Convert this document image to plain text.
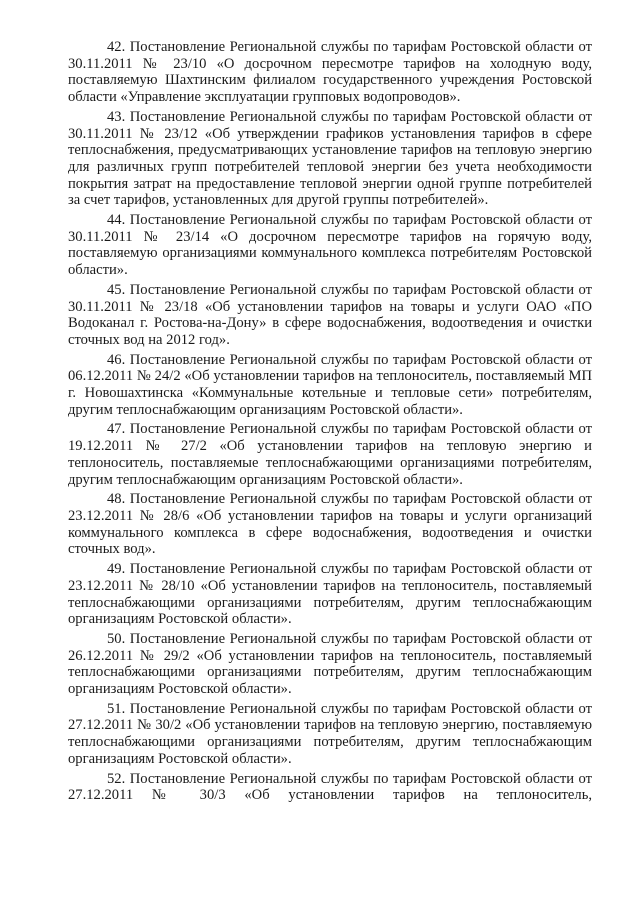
42. Постановление Региональной службы по тарифам Ростовской области от 30.11.2011 № 23/10 «О досрочном пересмотре тарифов на холодную воду, поставляемую Шахтинским филиалом государственного учреждения Ростовской области «Управление эксплуатации групповых водопроводов».

43. Постановление Региональной службы по тарифам Ростовской области от 30.11.2011 № 23/12 «Об утверждении графиков установления тарифов в сфере теплоснабжения, предусматривающих установление тарифов на тепловую энергию для различных групп потребителей тепловой энергии без учета необходимости покрытия затрат на предоставление тепловой энергии одной группе потребителей за счет тарифов, установленных для другой группы потребителей».

44. Постановление Региональной службы по тарифам Ростовской области от 30.11.2011 № 23/14 «О досрочном пересмотре тарифов на горячую воду, поставляемую организациями коммунального комплекса потребителям Ростовской области».

45. Постановление Региональной службы по тарифам Ростовской области от 30.11.2011 № 23/18 «Об установлении тарифов на товары и услуги ОАО «ПО Водоканал г. Ростова-на-Дону» в сфере водоснабжения, водоотведения и очистки сточных вод на 2012 год».

46. Постановление Региональной службы по тарифам Ростовской области от 06.12.2011 № 24/2 «Об установлении тарифов на теплоноситель, поставляемый МП г. Новошахтинска «Коммунальные котельные и тепловые сети» потребителям, другим теплоснабжающим организациям Ростовской области».

47. Постановление Региональной службы по тарифам Ростовской области от 19.12.2011 № 27/2 «Об установлении тарифов на тепловую энергию и теплоноситель, поставляемые теплоснабжающими организациями потребителям, другим теплоснабжающим организациям Ростовской области».

48. Постановление Региональной службы по тарифам Ростовской области от 23.12.2011 № 28/6 «Об установлении тарифов на товары и услуги организаций коммунального комплекса в сфере водоснабжения, водоотведения и очистки сточных вод».

49. Постановление Региональной службы по тарифам Ростовской области от 23.12.2011 № 28/10 «Об установлении тарифов на теплоноситель, поставляемый теплоснабжающими организациями потребителям, другим теплоснабжающим организациям Ростовской области».

50. Постановление Региональной службы по тарифам Ростовской области от 26.12.2011 № 29/2 «Об установлении тарифов на теплоноситель, поставляемый теплоснабжающими организациями потребителям, другим теплоснабжающим организациям Ростовской области».

51. Постановление Региональной службы по тарифам Ростовской области от 27.12.2011 № 30/2 «Об установлении тарифов на тепловую энергию, поставляемую теплоснабжающими организациями потребителям, другим теплоснабжающим организациям Ростовской области».

52. Постановление Региональной службы по тарифам Ростовской области от 27.12.2011 № 30/3 «Об установлении тарифов на теплоноситель,
